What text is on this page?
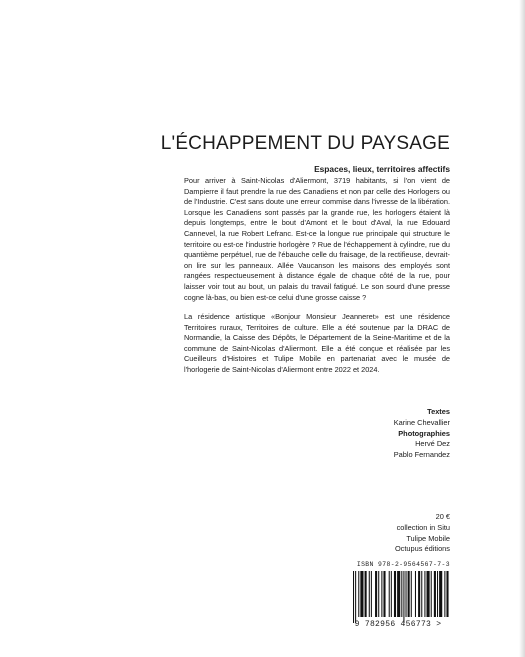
L'ÉCHAPPEMENT DU PAYSAGE
Espaces, lieux, territoires affectifs

Pour arriver à Saint-Nicolas d'Aliermont, 3719 habitants, si l'on vient de Dampierre il faut prendre la rue des Canadiens et non par celle des Horlogers ou de l'Industrie. C'est sans doute une erreur commise dans l'ivresse de la libération. Lorsque les Canadiens sont passés par la grande rue, les horlogers étaient là depuis longtemps, entre le bout d'Amont et le bout d'Aval, la rue Edouard Cannevel, la rue Robert Lefranc. Est-ce la longue rue principale qui structure le territoire ou est-ce l'industrie horlogère ? Rue de l'échappement à cylindre, rue du quantième perpétuel, rue de l'ébauche celle du fraisage, de la rectifieuse, devrait-on lire sur les panneaux. Allée Vaucanson les maisons des employés sont rangées respectueusement à distance égale de chaque côté de la rue, pour laisser voir tout au bout, un palais du travail fatigué. Le son sourd d'une presse cogne là-bas, ou bien est-ce celui d'une grosse caisse ?

La résidence artistique «Bonjour Monsieur Jeanneret» est une résidence Territoires ruraux, Territoires de culture. Elle a été soutenue par la DRAC de Normandie, la Caisse des Dépôts, le Département de la Seine-Maritime et de la commune de Saint-Nicolas d'Aliermont. Elle a été conçue et réalisée par les Cueilleurs d'Histoires et Tulipe Mobile en partenariat avec le musée de l'horlogerie de Saint-Nicolas d'Aliermont entre 2022 et 2024.

Textes
Karine Chevallier
Photographies
Hervé Dez
Pablo Fernandez
20 €
collection in Situ
Tulipe Mobile
Octupus éditions
ISBN 978-2-9564567-7-3
9 782956 456773 >
